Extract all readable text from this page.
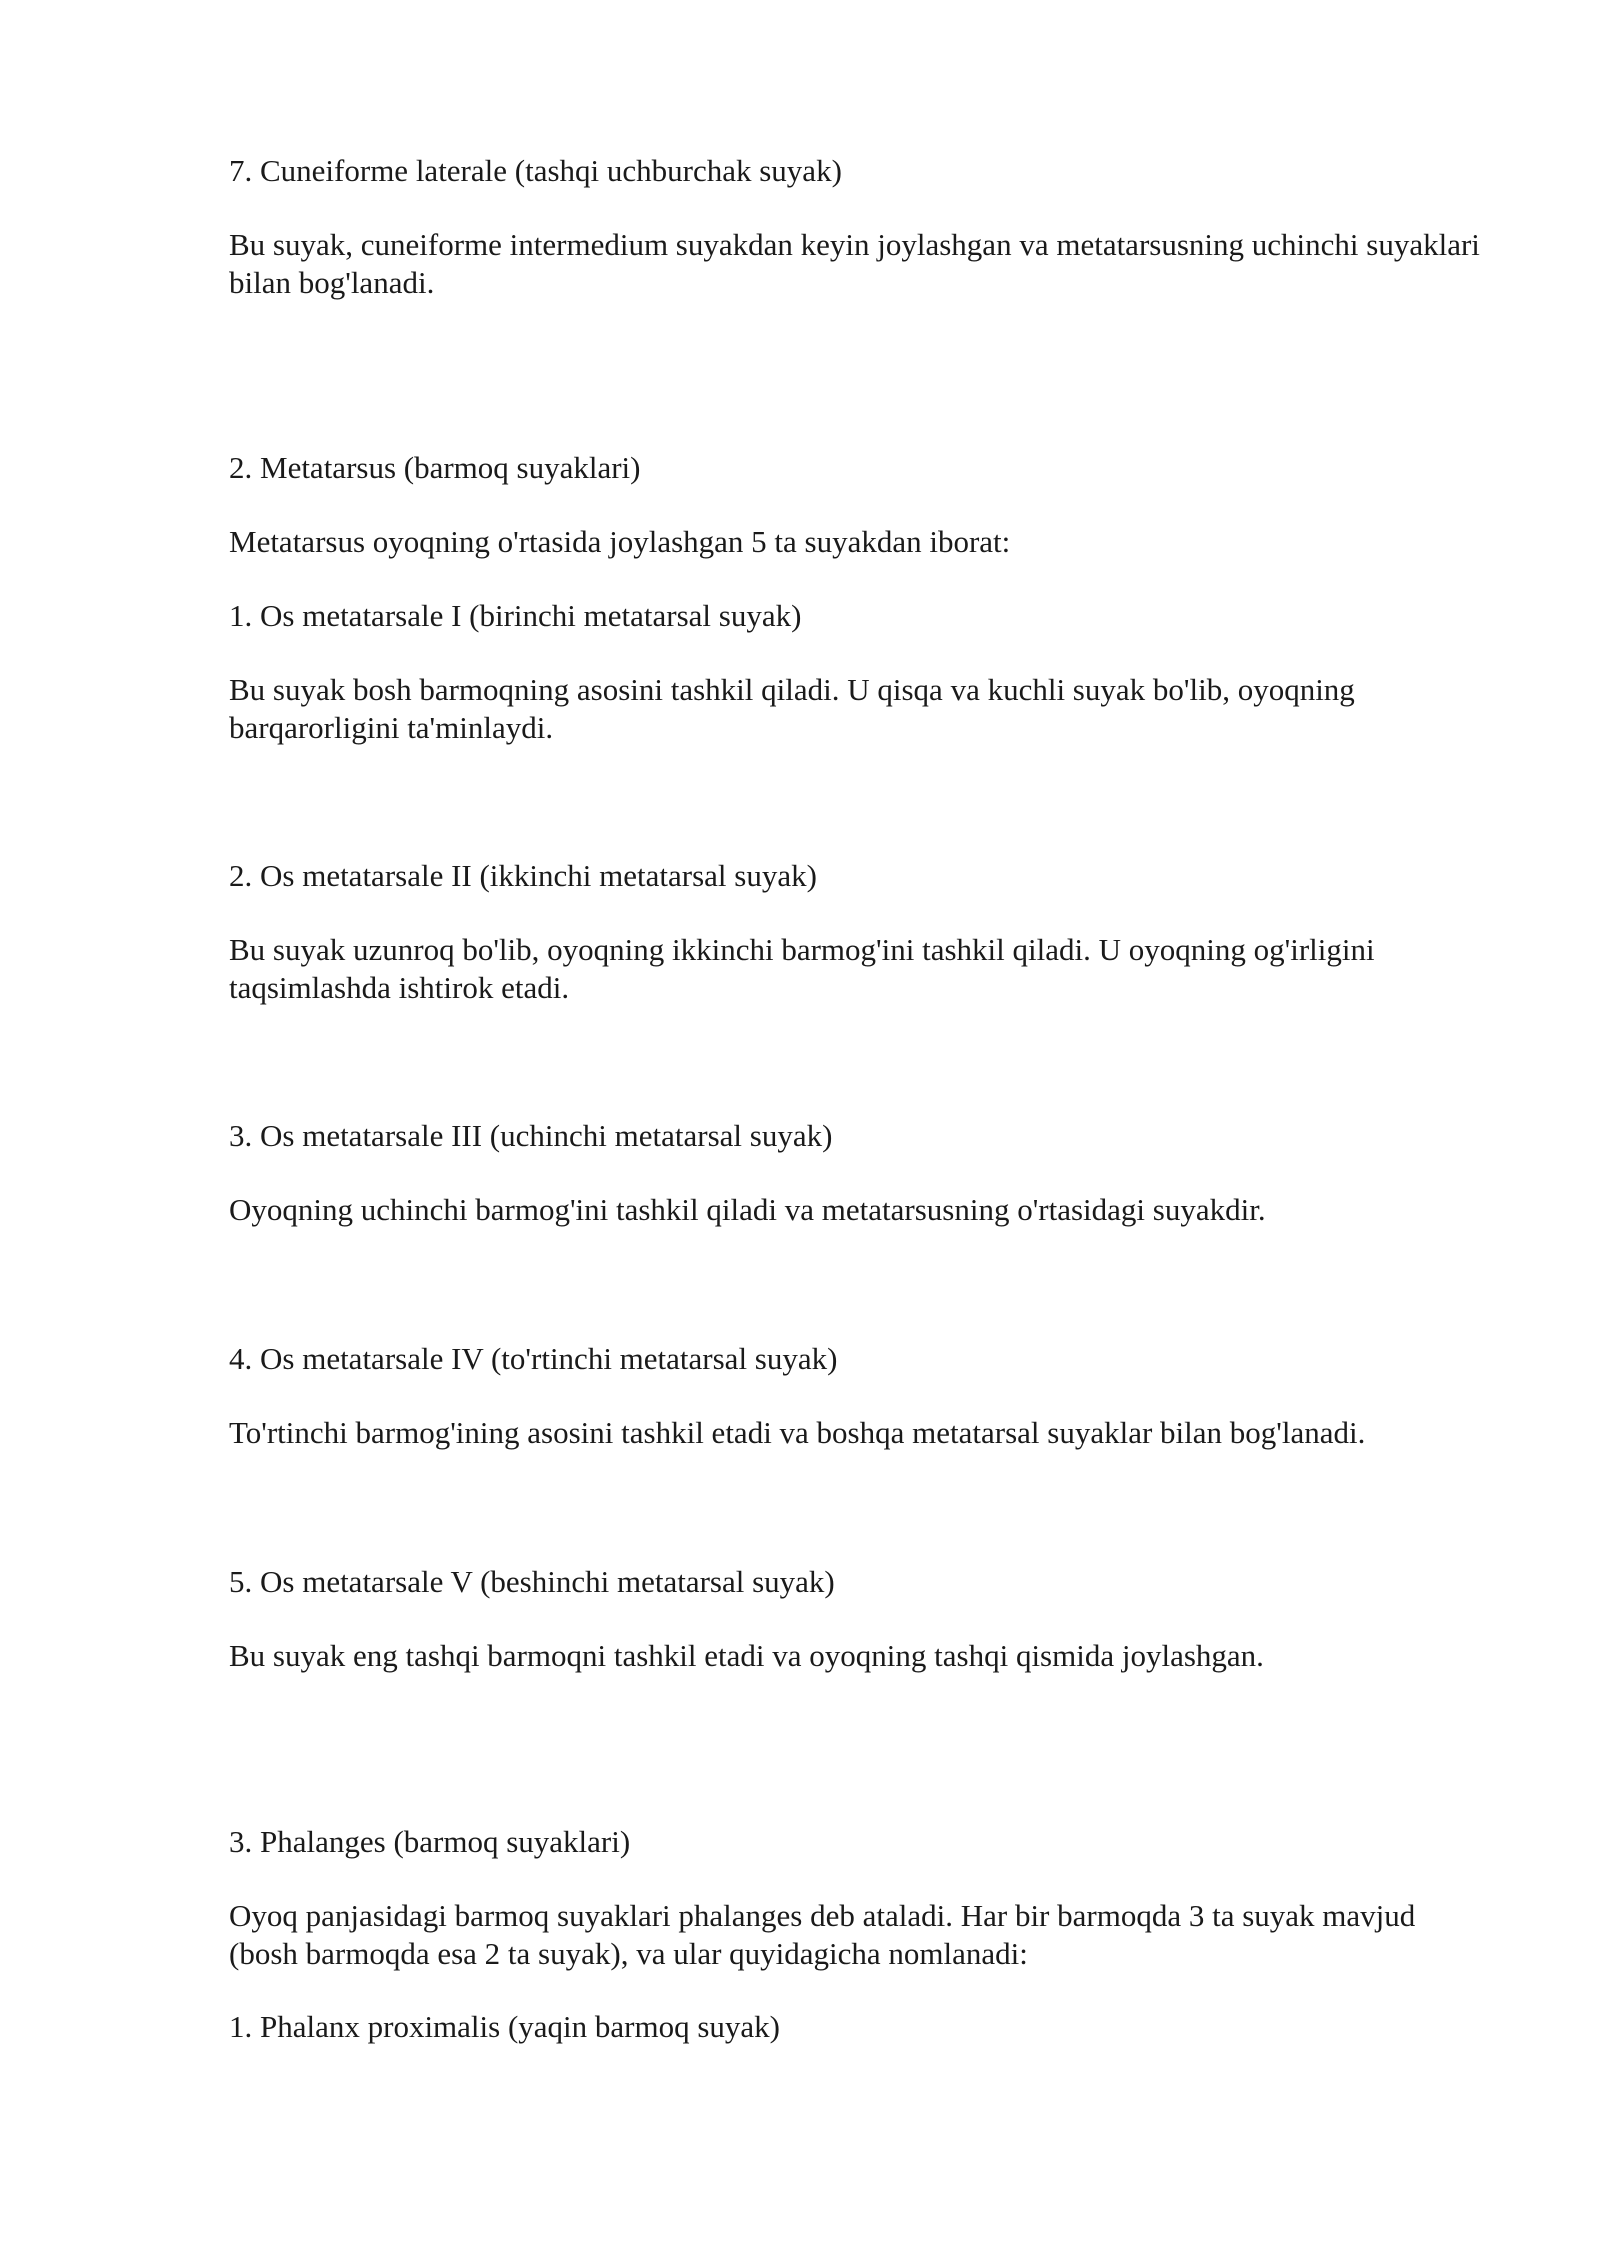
7. Cuneiforme laterale (tashqi uchburchak suyak)

Bu suyak, cuneiforme intermedium suyakdan keyin joylashgan va metatarsusning uchinchi suyaklari bilan bog'lanadi.

2. Metatarsus (barmoq suyaklari)

Metatarsus oyoqning o'rtasida joylashgan 5 ta suyakdan iborat:

1. Os metatarsale I (birinchi metatarsal suyak)

Bu suyak bosh barmoqning asosini tashkil qiladi. U qisqa va kuchli suyak bo'lib, oyoqning barqarorligini ta'minlaydi.

2. Os metatarsale II (ikkinchi metatarsal suyak)

Bu suyak uzunroq bo'lib, oyoqning ikkinchi barmog'ini tashkil qiladi. U oyoqning og'irligini taqsimlashda ishtirok etadi.

3. Os metatarsale III (uchinchi metatarsal suyak)

Oyoqning uchinchi barmog'ini tashkil qiladi va metatarsusning o'rtasidagi suyakdir.

4. Os metatarsale IV (to'rtinchi metatarsal suyak)

To'rtinchi barmog'ining asosini tashkil etadi va boshqa metatarsal suyaklar bilan bog'lanadi.

5. Os metatarsale V (beshinchi metatarsal suyak)

Bu suyak eng tashqi barmoqni tashkil etadi va oyoqning tashqi qismida joylashgan.

3. Phalanges (barmoq suyaklari)

Oyoq panjasidagi barmoq suyaklari phalanges deb ataladi. Har bir barmoqda 3 ta suyak mavjud (bosh barmoqda esa 2 ta suyak), va ular quyidagicha nomlanadi:

1. Phalanx proximalis (yaqin barmoq suyak)
